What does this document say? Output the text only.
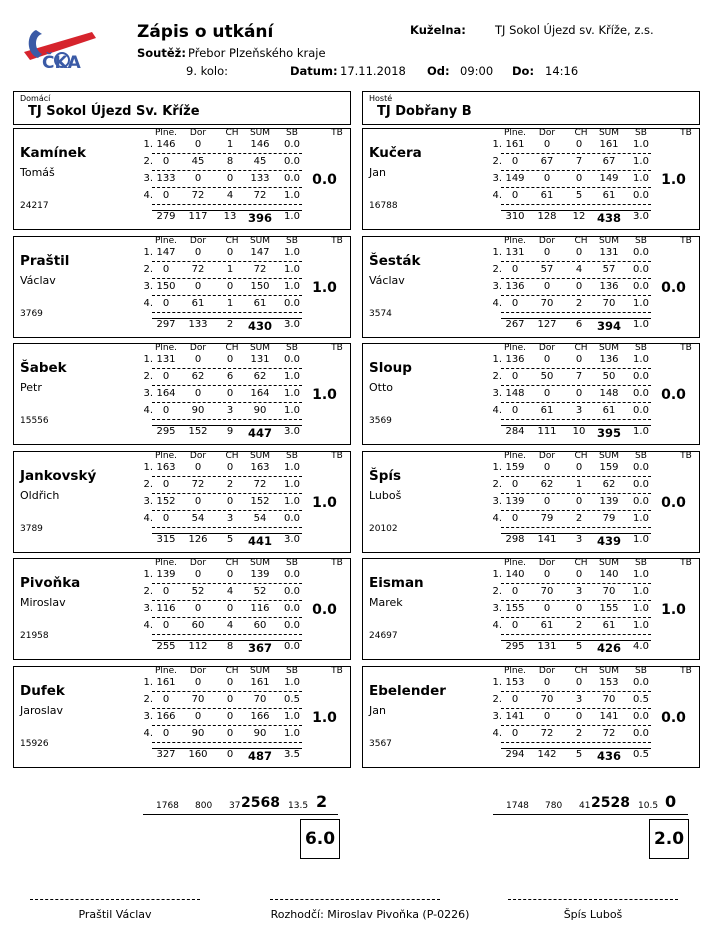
ČKA
Zápis o utkání
Soutěž: Přebor Plzeňského kraje
9. kolo:	Datum: 17.11.2018 Od: 09:00 Do: 14:16
Kuželna:	TJ Sokol Újezd sv. Kříže, z.s.
Domácí
TJ Sokol Újezd Sv. Kříže
Hosté
TJ Dobřany B
Plne.	Dor	CH	SUM	SB	TB
Kamínek
Tomáš
24217
0.0
1. 146	0	1	146	0.0
2. 0	45	8	45	0.0
3. 133	0	0	133	0.0
4. 0	72	4	72	1.0
279	117	13	396	1.0
Plne.	Dor	CH	SUM	SB	TB
Praštil
Václav
3769
1.0
1. 147	0	0	147	1.0
2. 0	72	1	72	1.0
3. 150	0	0	150	1.0
4. 0	61	1	61	0.0
297	133	2	430	3.0
Plne.	Dor	CH	SUM	SB	TB
Šabek
Petr
15556
1.0
1. 131	0	0	131	0.0
2. 0	62	6	62	1.0
3. 164	0	0	164	1.0
4. 0	90	3	90	1.0
295	152	9	447	3.0
Plne.	Dor	CH	SUM	SB	TB
Jankovský
Oldřich
3789
1.0
1. 163	0	0	163	1.0
2. 0	72	2	72	1.0
3. 152	0	0	152	1.0
4. 0	54	3	54	0.0
315	126	5	441	3.0
Plne.	Dor	CH	SUM	SB	TB
Pivoňka
Miroslav
21958
0.0
1. 139	0	0	139	0.0
2. 0	52	4	52	0.0
3. 116	0	0	116	0.0
4. 0	60	4	60	0.0
255	112	8	367	0.0
Plne.	Dor	CH	SUM	SB	TB
Dufek
Jaroslav
15926
1.0
1. 161	0	0	161	1.0
2. 0	70	0	70	0.5
3. 166	0	0	166	1.0
4. 0	90	0	90	1.0
327	160	0	487	3.5
Plne.	Dor	CH	SUM	SB	TB
Kučera
Jan
16788
1.0
1. 161	0	0	161	1.0
2. 0	67	7	67	1.0
3. 149	0	0	149	1.0
4. 0	61	5	61	0.0
310	128	12	438	3.0
Plne.	Dor	CH	SUM	SB	TB
Šesták
Václav
3574
0.0
1. 131	0	0	131	0.0
2. 0	57	4	57	0.0
3. 136	0	0	136	0.0
4. 0	70	2	70	1.0
267	127	6	394	1.0
Plne.	Dor	CH	SUM	SB	TB
Sloup
Otto
3569
0.0
1. 136	0	0	136	1.0
2. 0	50	7	50	0.0
3. 148	0	0	148	0.0
4. 0	61	3	61	0.0
284	111	10	395	1.0
Plne.	Dor	CH	SUM	SB	TB
Špís
Luboš
20102
0.0
1. 159	0	0	159	0.0
2. 0	62	1	62	0.0
3. 139	0	0	139	0.0
4. 0	79	2	79	1.0
298	141	3	439	1.0
Plne.	Dor	CH	SUM	SB	TB
Eisman
Marek
24697
1.0
1. 140	0	0	140	1.0
2. 0	70	3	70	1.0
3. 155	0	0	155	1.0
4. 0	61	2	61	1.0
295	131	5	426	4.0
Plne.	Dor	CH	SUM	SB	TB
Ebelender
Jan
3567
0.0
1. 153	0	0	153	0.0
2. 0	70	3	70	0.5
3. 141	0	0	141	0.0
4. 0	72	2	72	0.0
294	142	5	436	0.5
1768 800 37 2568 13.5 2	1748 780 41 2528 10.5 0
6.0	2.0
Praštil Václav	Rozhodčí: Miroslav Pivoňka (P-0226)	Špís Luboš
